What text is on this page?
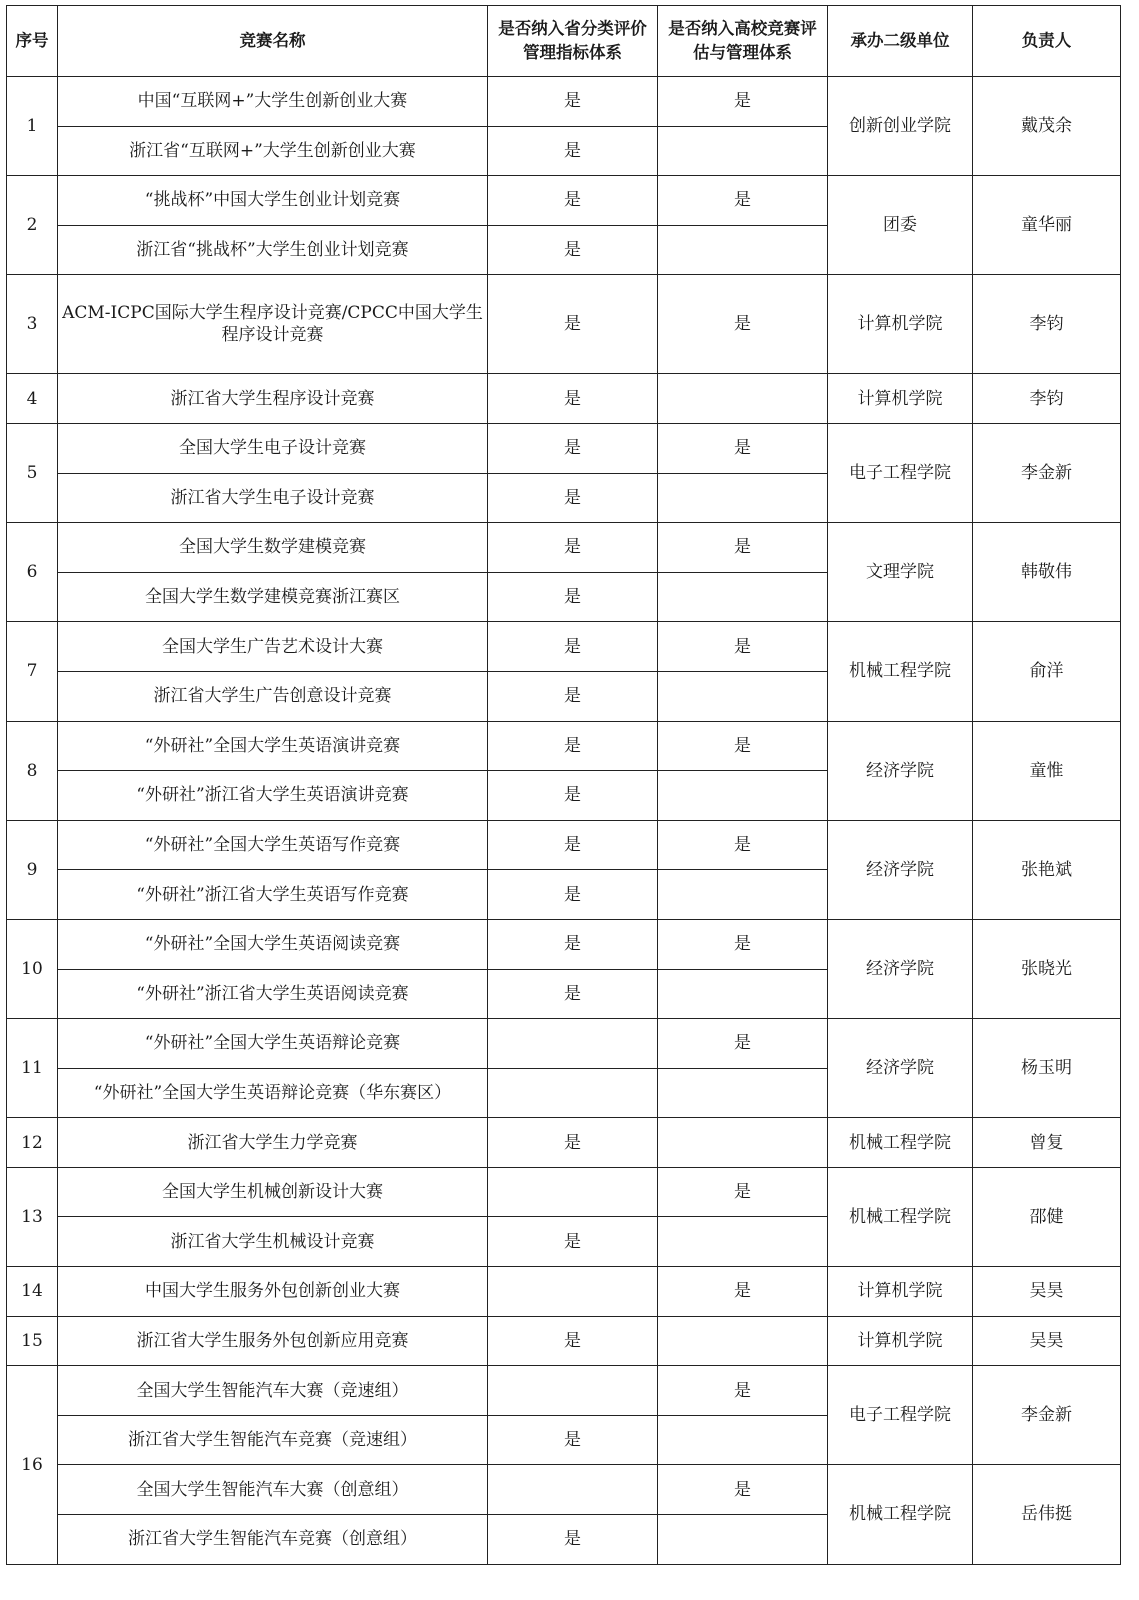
序号	竞赛名称	是否纳入省分类评价管理指标体系	是否纳入高校竞赛评估与管理体系	承办二级单位	负责人
1	中国“互联网+”大学生创新创业大赛	是	是	创新创业学院	戴茂余
	浙江省“互联网+”大学生创新创业大赛	是			
2	“挑战杯”中国大学生创业计划竞赛	是	是	团委	童华丽
	浙江省“挑战杯”大学生创业计划竞赛	是			
3	ACM-ICPC国际大学生程序设计竞赛/CPCC中国大学生程序设计竞赛	是	是	计算机学院	李钧
4	浙江省大学生程序设计竞赛	是		计算机学院	李钧
5	全国大学生电子设计竞赛	是	是	电子工程学院	李金新
	浙江省大学生电子设计竞赛	是			
6	全国大学生数学建模竞赛	是	是	文理学院	韩敬伟
	全国大学生数学建模竞赛浙江赛区	是			
7	全国大学生广告艺术设计大赛	是	是	机械工程学院	俞洋
	浙江省大学生广告创意设计竞赛	是			
8	“外研社”全国大学生英语演讲竞赛	是	是	经济学院	童惟
	“外研社”浙江省大学生英语演讲竞赛	是			
9	“外研社”全国大学生英语写作竞赛	是	是	经济学院	张艳斌
	“外研社”浙江省大学生英语写作竞赛	是			
10	“外研社”全国大学生英语阅读竞赛	是	是	经济学院	张晓光
	“外研社”浙江省大学生英语阅读竞赛	是			
11	“外研社”全国大学生英语辩论竞赛		是	经济学院	杨玉明
	“外研社”全国大学生英语辩论竞赛（华东赛区）				
12	浙江省大学生力学竞赛	是		机械工程学院	曾复
13	全国大学生机械创新设计大赛		是	机械工程学院	邵健
	浙江省大学生机械设计竞赛	是			
14	中国大学生服务外包创新创业大赛		是	计算机学院	吴昊
15	浙江省大学生服务外包创新应用竞赛	是		计算机学院	吴昊
16	全国大学生智能汽车大赛（竞速组）		是	电子工程学院	李金新
	浙江省大学生智能汽车竞赛（竞速组）	是			
	全国大学生智能汽车大赛（创意组）		是	机械工程学院	岳伟挺
	浙江省大学生智能汽车竞赛（创意组）	是			
